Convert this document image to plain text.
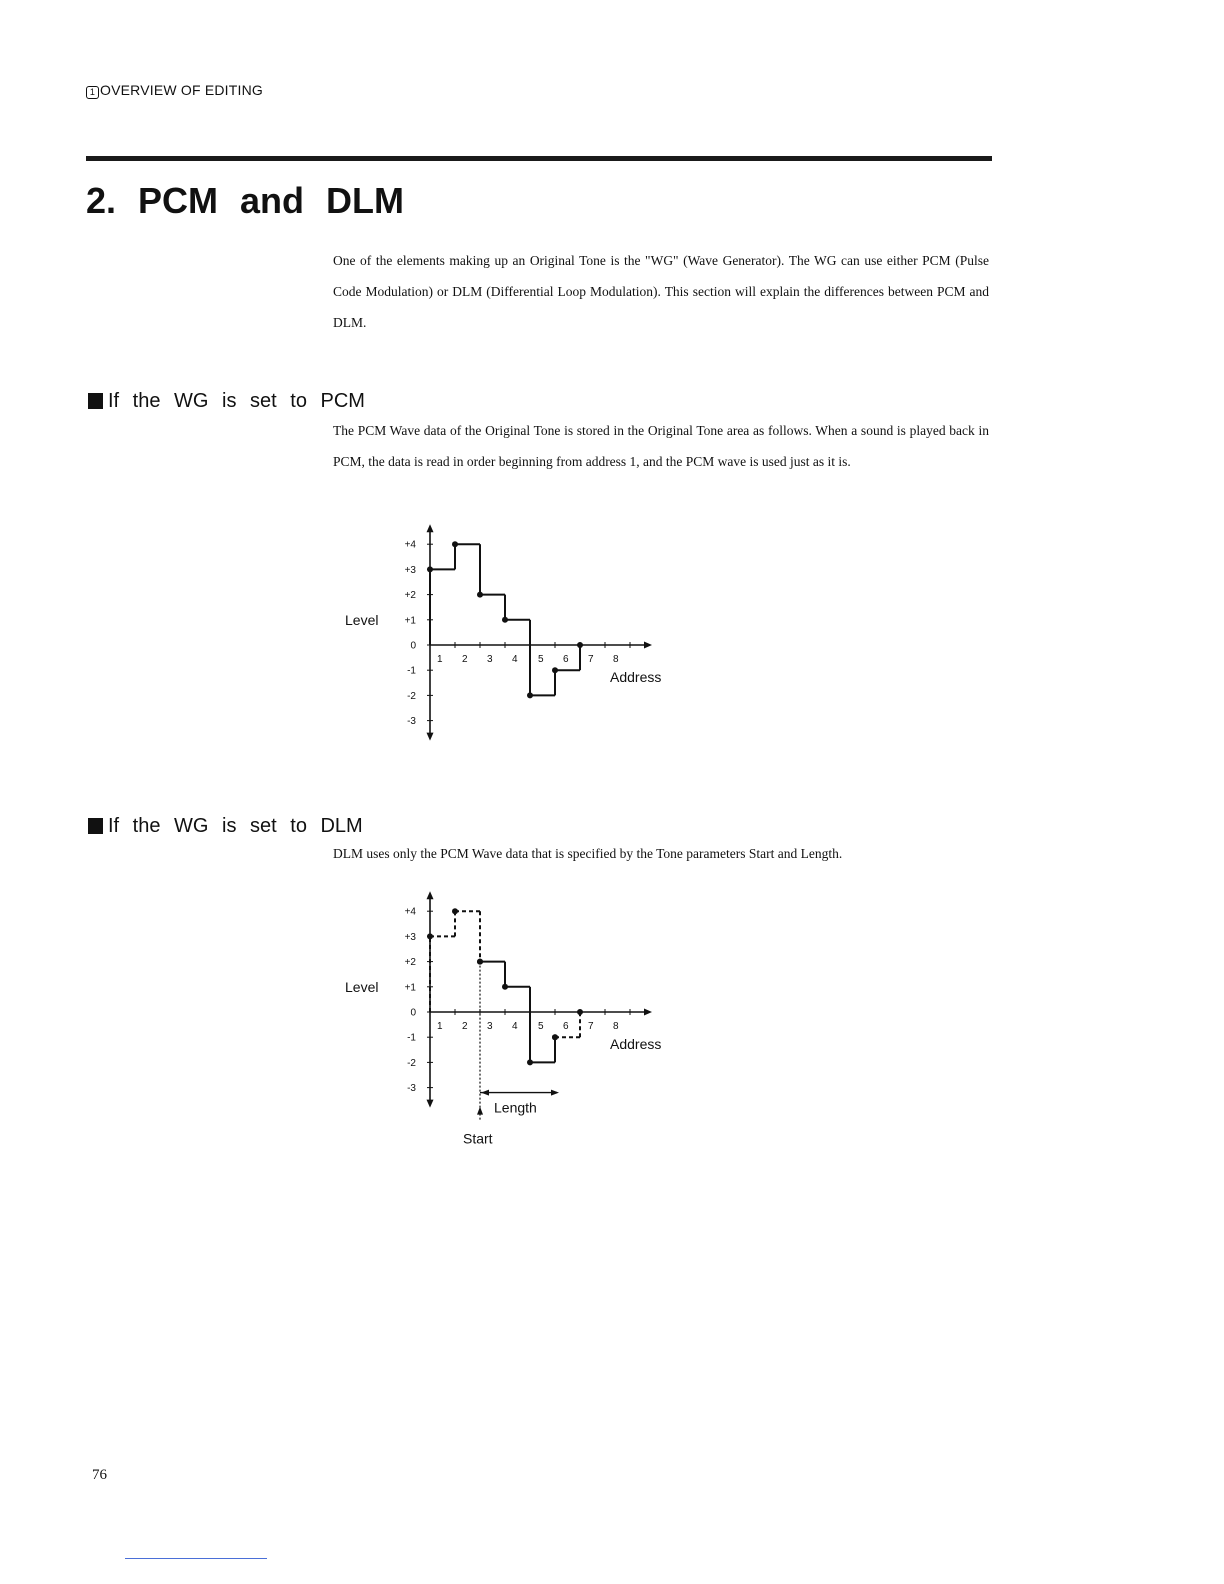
1 OVERVIEW OF EDITING
2. PCM and DLM

One of the elements making up an Original Tone is the "WG" (Wave Generator). The WG can use either PCM (Pulse Code Modulation) or DLM (Differential Loop Modulation). This section will explain the differences between PCM and DLM.

If the WG is set to PCM

The PCM Wave data of the Original Tone is stored in the Original Tone area as follows. When a sound is played back in PCM, the data is read in order beginning from address 1, and the PCM wave is used just as it is.

+4
+3
+2
+1
0
-1
-2
-3
1 2 3 4 5 6 7 8
Level
Address
If the WG is set to DLM

DLM uses only the PCM Wave data that is specified by the Tone parameters Start and Length.

+4
+3
+2
+1
0
-1
-2
-3
1 2 3 4 5 6 7 8
Level
Address
Length
Start
76
